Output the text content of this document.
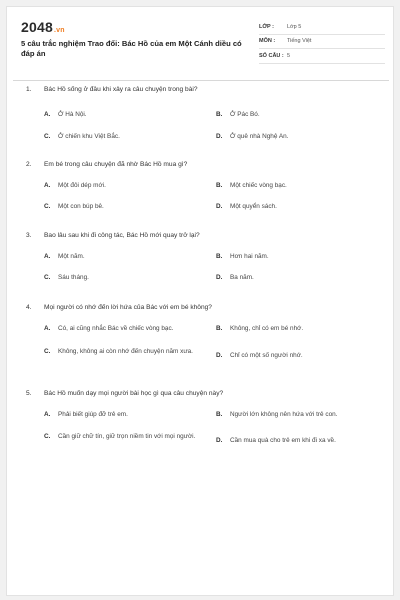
2048.vn
5 câu trắc nghiệm Trao đổi: Bác Hồ của em Một Cánh diều có đáp án
LỚP :	Lớp 5
MÔN :	Tiếng Việt
SỐ CÂU : 5
1. Bác Hồ sống ở đâu khi xảy ra câu chuyện trong bài?
A.	Ở Hà Nội.	B.	Ở Pác Bó.
C.	Ở chiến khu Việt Bắc.	D.	Ở quê nhà Nghệ An.
2. Em bé trong câu chuyện đã nhờ Bác Hồ mua gì?
A.	Một đôi dép mới.	B.	Một chiếc vòng bạc.
C.	Một con búp bê.	D.	Một quyển sách.
3. Bao lâu sau khi đi công tác, Bác Hồ mới quay trở lại?
A.	Một năm.	B.	Hơn hai năm.
C.	Sáu tháng.	D.	Ba năm.
4. Mọi người có nhớ đến lời hứa của Bác với em bé không?
A.	Có, ai cũng nhắc Bác về chiếc vòng bạc.	B.	Không, chỉ có em bé nhớ.
C.	Không, không ai còn nhớ đến chuyện năm xưa.
D.	Chỉ có một số người nhớ.
5. Bác Hồ muốn dạy mọi người bài học gì qua câu chuyện này?
A.	Phải biết giúp đỡ trẻ em.	B.	Người lớn không nên hứa với trẻ con.
C.	Cần giữ chữ tín, giữ trọn niềm tin với mọi người.
D.	Cần mua quà cho trẻ em khi đi xa về.
